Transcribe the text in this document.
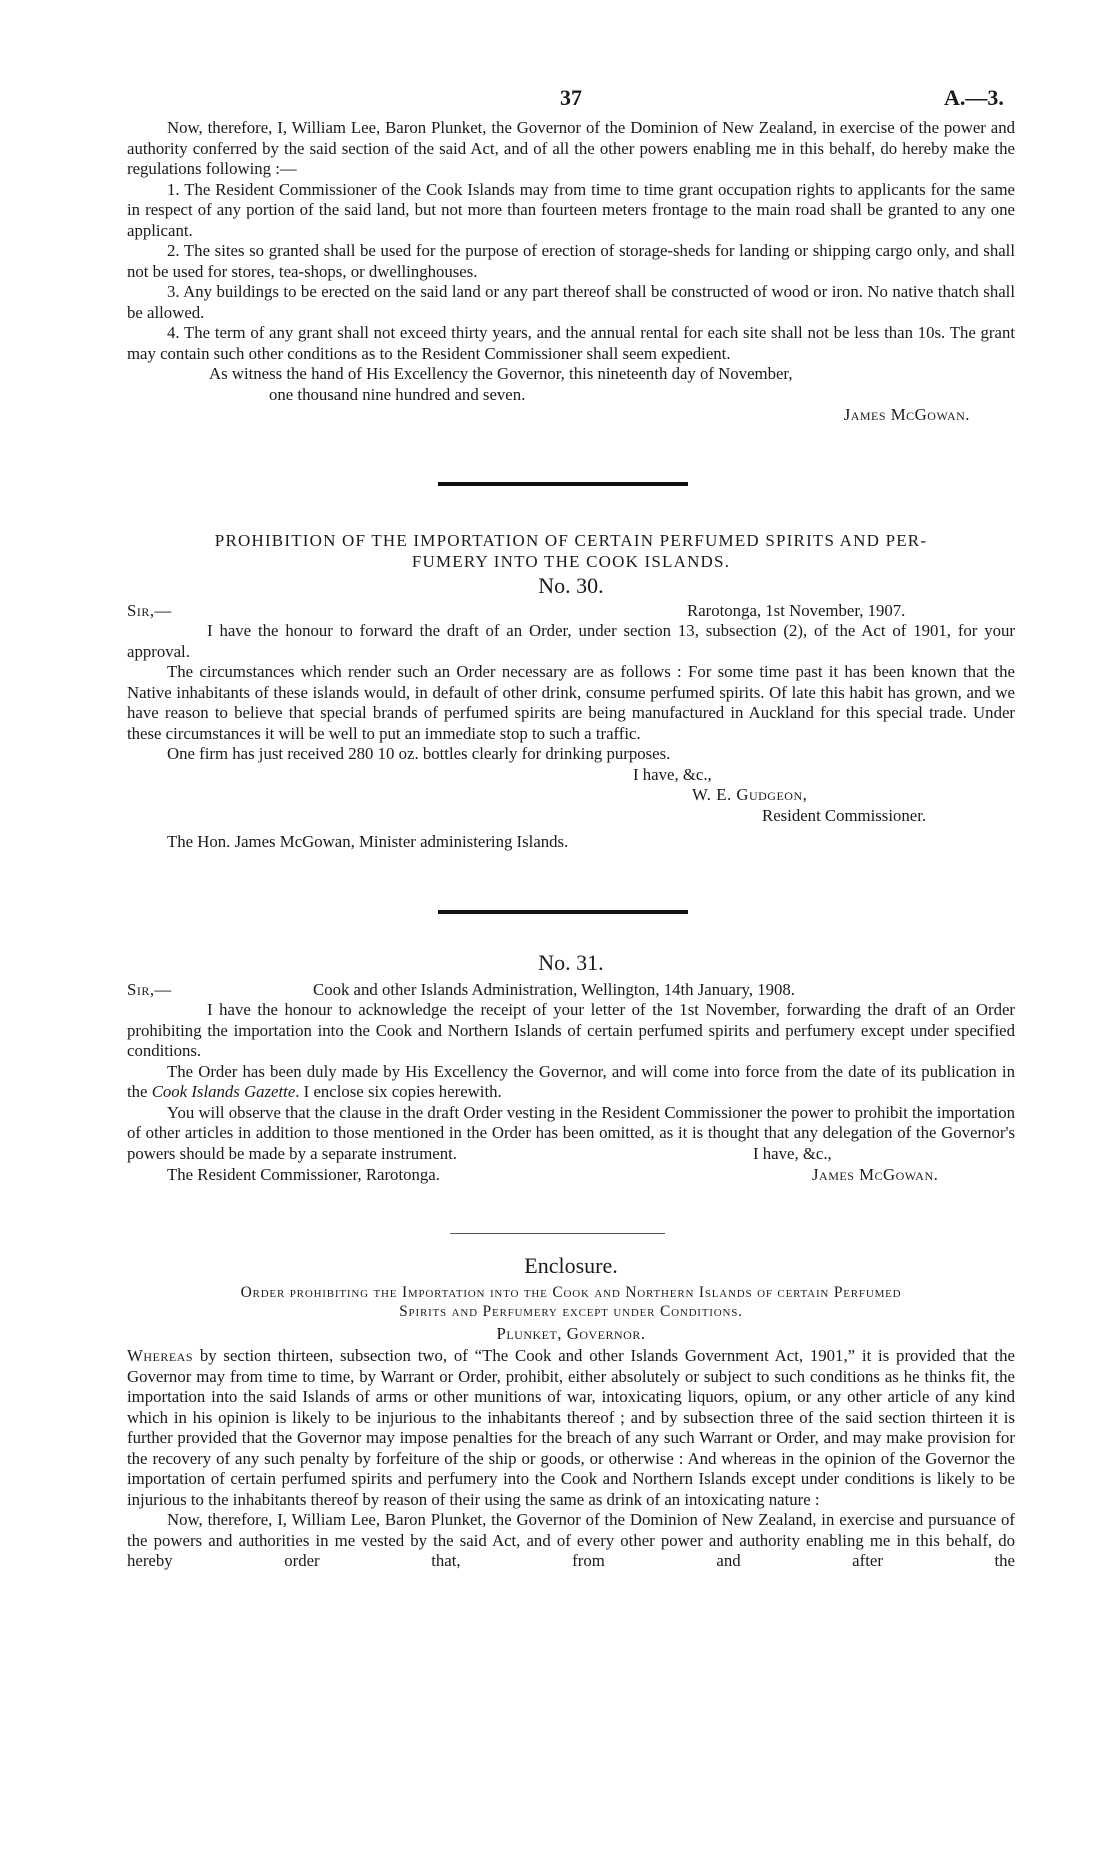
37	A.—3.

Now, therefore, I, William Lee, Baron Plunket, the Governor of the Dominion of New Zealand, in exercise of the power and authority conferred by the said section of the said Act, and of all the other powers enabling me in this behalf, do hereby make the regulations following :—

1. The Resident Commissioner of the Cook Islands may from time to time grant occupation rights to applicants for the same in respect of any portion of the said land, but not more than fourteen meters frontage to the main road shall be granted to any one applicant.

2. The sites so granted shall be used for the purpose of erection of storage-sheds for landing or shipping cargo only, and shall not be used for stores, tea-shops, or dwellinghouses.

3. Any buildings to be erected on the said land or any part thereof shall be constructed of wood or iron. No native thatch shall be allowed.

4. The term of any grant shall not exceed thirty years, and the annual rental for each site shall not be less than 10s. The grant may contain such other conditions as to the Resident Commissioner shall seem expedient.

As witness the hand of His Excellency the Governor, this nineteenth day of November,

one thousand nine hundred and seven.

James McGowan.

PROHIBITION OF THE IMPORTATION OF CERTAIN PERFUMED SPIRITS AND PER-
FUMERY INTO THE COOK ISLANDS.
No. 30.
Sir,—	Rarotonga, 1st November, 1907.

I have the honour to forward the draft of an Order, under section 13, subsection (2), of the Act of 1901, for your approval.

The circumstances which render such an Order necessary are as follows : For some time past it has been known that the Native inhabitants of these islands would, in default of other drink, consume perfumed spirits. Of late this habit has grown, and we have reason to believe that special brands of perfumed spirits are being manufactured in Auckland for this special trade. Under these circumstances it will be well to put an immediate stop to such a traffic.

One firm has just received 280 10 oz. bottles clearly for drinking purposes.

I have, &c.,

W. E. Gudgeon,

Resident Commissioner.

The Hon. James McGowan, Minister administering Islands.

No. 31.
Sir,—	Cook and other Islands Administration, Wellington, 14th January, 1908.

I have the honour to acknowledge the receipt of your letter of the 1st November, forwarding the draft of an Order prohibiting the importation into the Cook and Northern Islands of certain perfumed spirits and perfumery except under specified conditions.

The Order has been duly made by His Excellency the Governor, and will come into force from the date of its publication in the Cook Islands Gazette. I enclose six copies herewith.

You will observe that the clause in the draft Order vesting in the Resident Commissioner the power to prohibit the importation of other articles in addition to those mentioned in the Order has been omitted, as it is thought that any delegation of the Governor's powers should be made by a separate instrument.	I have, &c.,

The Resident Commissioner, Rarotonga.	James McGowan.
Enclosure.
Order prohibiting the Importation into the Cook and Northern Islands of certain Perfumed
Spirits and Perfumery except under Conditions.
Plunket, Governor.

Whereas by section thirteen, subsection two, of “The Cook and other Islands Government Act, 1901,” it is provided that the Governor may from time to time, by Warrant or Order, prohibit, either absolutely or subject to such conditions as he thinks fit, the importation into the said Islands of arms or other munitions of war, intoxicating liquors, opium, or any other article of any kind which in his opinion is likely to be injurious to the inhabitants thereof ; and by subsection three of the said section thirteen it is further provided that the Governor may impose penalties for the breach of any such Warrant or Order, and may make provision for the recovery of any such penalty by forfeiture of the ship or goods, or otherwise : And whereas in the opinion of the Governor the importation of certain perfumed spirits and perfumery into the Cook and Northern Islands except under conditions is likely to be injurious to the inhabitants thereof by reason of their using the same as drink of an intoxicating nature :

Now, therefore, I, William Lee, Baron Plunket, the Governor of the Dominion of New Zealand, in exercise and pursuance of the powers and authorities in me vested by the said Act, and of every other power and authority enabling me in this behalf, do hereby order that, from and after the
